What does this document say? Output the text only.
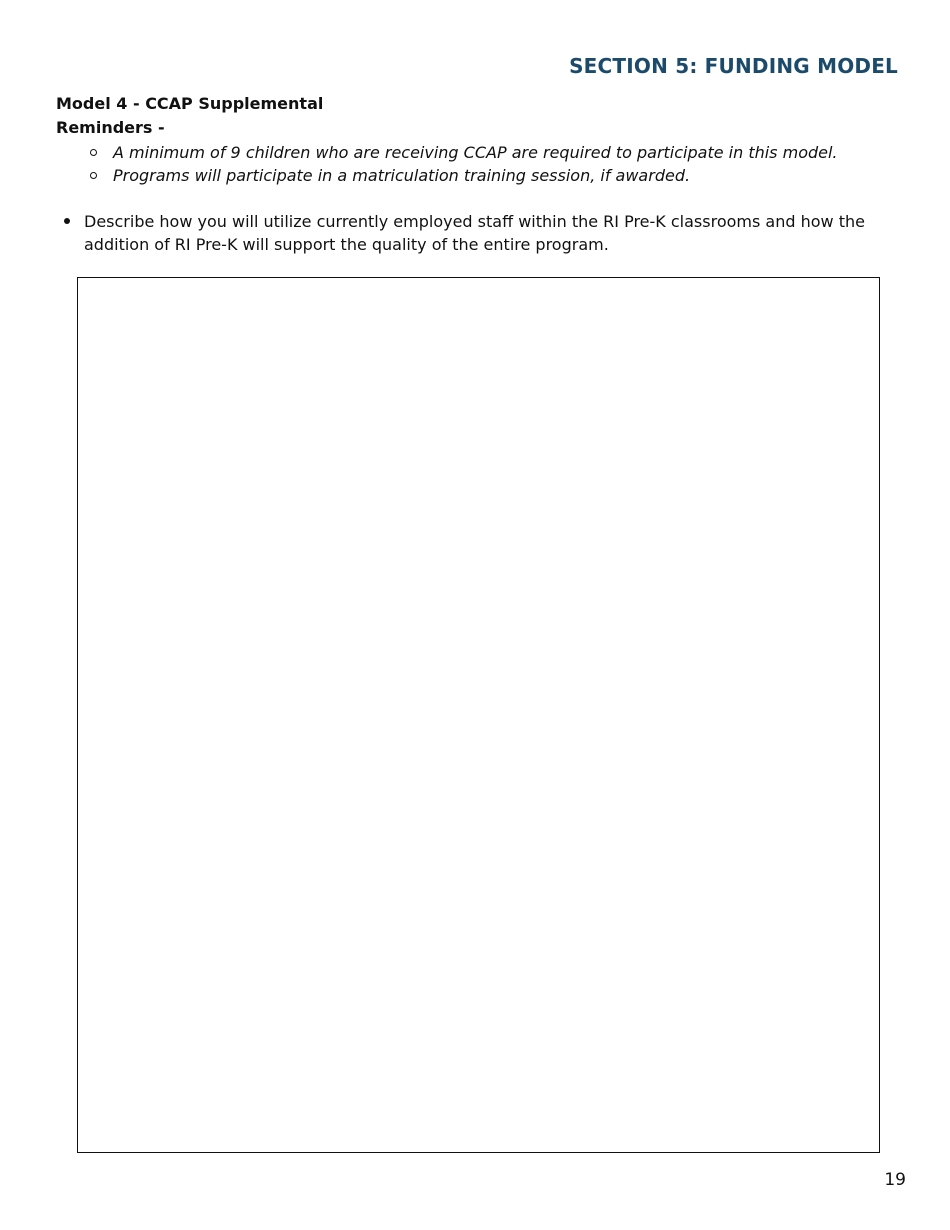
SECTION 5: FUNDING MODEL
Model 4 - CCAP Supplemental
Reminders -
A minimum of 9 children who are receiving CCAP are required to participate in this model.
Programs will participate in a matriculation training session, if awarded.
Describe how you will utilize currently employed staff within the RI Pre-K classrooms and how the addition of RI Pre-K will support the quality of the entire program.
19
